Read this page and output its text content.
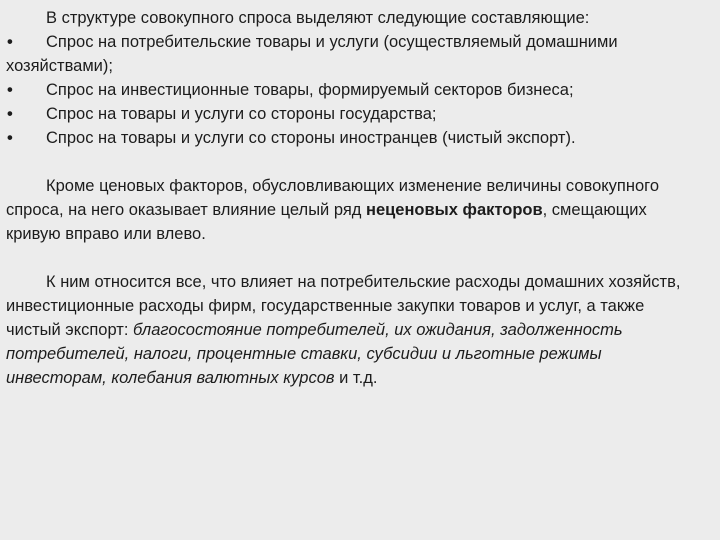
В структуре совокупного спроса выделяют следующие составляющие:
•	Спрос на потребительские товары и услуги (осуществляемый домашними хозяйствами);
•	Спрос на инвестиционные товары, формируемый секторов бизнеса;
•	Спрос на товары и услуги со стороны государства;
•	Спрос на товары и услуги со стороны иностранцев (чистый экспорт).

Кроме ценовых факторов, обусловливающих изменение величины совокупного спроса, на него оказывает влияние целый ряд неценовых факторов, смещающих кривую вправо или влево.

К ним относится все, что влияет на потребительские расходы домашних хозяйств, инвестиционные расходы фирм, государственные закупки товаров и услуг, а также чистый экспорт: благосостояние потребителей, их ожидания, задолженность потребителей, налоги, процентные ставки, субсидии и льготные режимы инвесторам, колебания валютных курсов и т.д.
